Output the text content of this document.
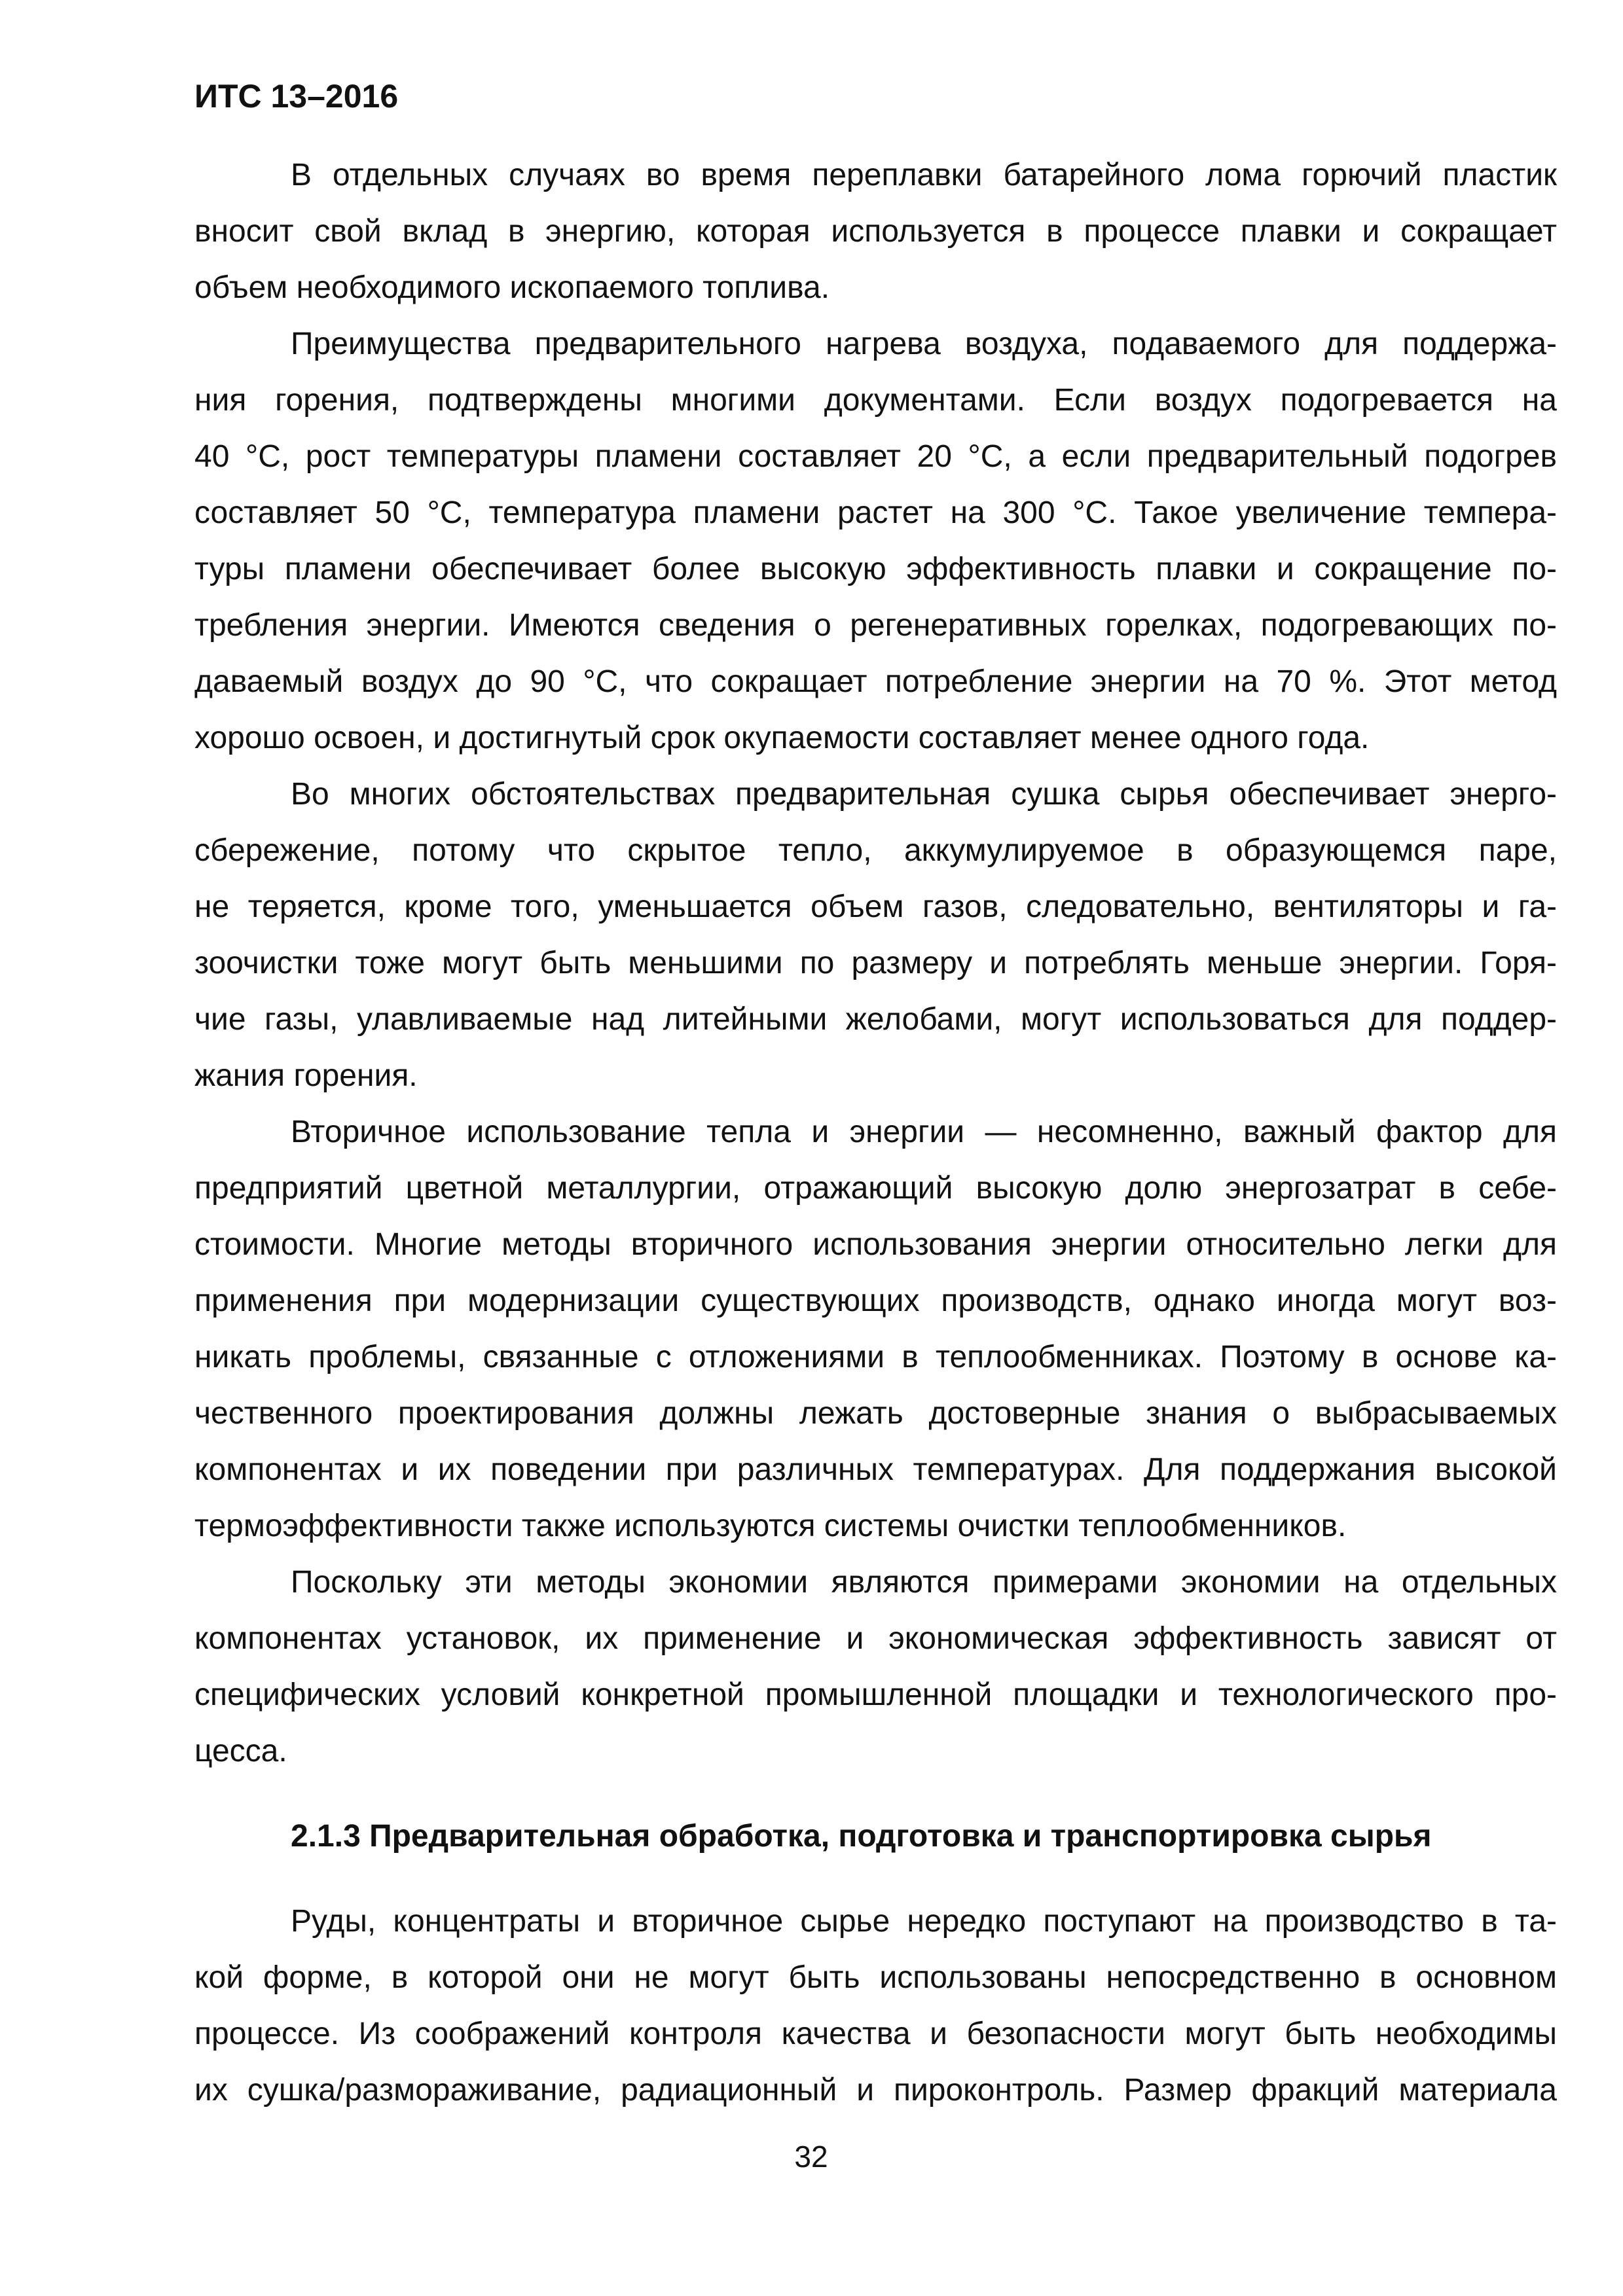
ИТС 13–2016
В отдельных случаях во время переплавки батарейного лома горючий пластик
вносит свой вклад в энергию, которая используется в процессе плавки и сокращает
объем необходимого ископаемого топлива.
Преимущества предварительного нагрева воздуха, подаваемого для поддержа-
ния горения, подтверждены многими документами. Если воздух подогревается на
40 °C, рост температуры пламени составляет 20 °C, а если предварительный подогрев
составляет 50 °C, температура пламени растет на 300 °C. Такое увеличение темпера-
туры пламени обеспечивает более высокую эффективность плавки и сокращение по-
требления энергии. Имеются сведения о регенеративных горелках, подогревающих по-
даваемый воздух до 90 °C, что сокращает потребление энергии на 70 %. Этот метод
хорошо освоен, и достигнутый срок окупаемости составляет менее одного года.
Во многих обстоятельствах предварительная сушка сырья обеспечивает энерго-
сбережение, потому что скрытое тепло, аккумулируемое в образующемся паре,
не теряется, кроме того, уменьшается объем газов, следовательно, вентиляторы и га-
зоочистки тоже могут быть меньшими по размеру и потреблять меньше энергии. Горя-
чие газы, улавливаемые над литейными желобами, могут использоваться для поддер-
жания горения.
Вторичное использование тепла и энергии — несомненно, важный фактор для
предприятий цветной металлургии, отражающий высокую долю энергозатрат в себе-
стоимости. Многие методы вторичного использования энергии относительно легки для
применения при модернизации существующих производств, однако иногда могут воз-
никать проблемы, связанные с отложениями в теплообменниках. Поэтому в основе ка-
чественного проектирования должны лежать достоверные знания о выбрасываемых
компонентах и их поведении при различных температурах. Для поддержания высокой
термоэффективности также используются системы очистки теплообменников.
Поскольку эти методы экономии являются примерами экономии на отдельных
компонентах установок, их применение и экономическая эффективность зависят от
специфических условий конкретной промышленной площадки и технологического про-
цесса.
2.1.3 Предварительная обработка, подготовка и транспортировка сырья
Руды, концентраты и вторичное сырье нередко поступают на производство в та-
кой форме, в которой они не могут быть использованы непосредственно в основном
процессе. Из соображений контроля качества и безопасности могут быть необходимы
их сушка/размораживание, радиационный и пироконтроль. Размер фракций материала
32
